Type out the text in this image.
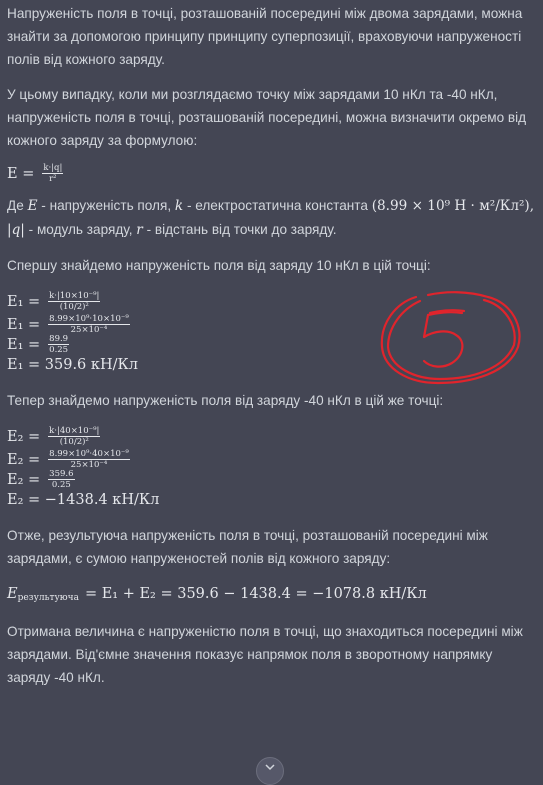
Напруженість поля в точці, розташованій посередині між двома зарядами, можна знайти за допомогою принципу принципу суперпозиції, враховуючи напруженості полів від кожного заряду.

У цьому випадку, коли ми розглядаємо точку між зарядами 10 нКл та -40 нКл, напруженість поля в точці, розташованій посередині, можна визначити окремо від кожного заряду за формулою:

$E = \frac{k\cdot|q|}{\text{r²}}$

Де E - напруженість поля, k - електростатична константа (8.99 × 10⁹ Н · м²/Кл²), |q| - модуль заряду, r - відстань від точки до заряду.

Спершу знайдемо напруженість поля від заряду 10 нКл в цій точці:

$E_1 = \frac{\text{k·|10×10⁻⁹|}}{\text{(10/2)²}}$
$E_1 = \frac{\text{8.99×10⁹·10×10⁻⁹}}{\text{25×10⁻⁴}}$
$E_1 = \frac{89.9}{0.25}$
E₁ = 359.6 кН/Кл

Тепер знайдемо напруженість поля від заряду -40 нКл в цій же точці:

$E_2 = \frac{\text{k·|40×10⁻⁹|}}{\text{(10/2)²}}$
$E_2 = \frac{\text{8.99×10⁹·40×10⁻⁹}}{\text{25×10⁻⁴}}$
$E_2 = \frac{359.6}{0.25}$
E₂ = −1438.4 кН/Кл

Отже, результуюча напруженість поля в точці, розташованій посередині між зарядами, є сумою напруженостей полів від кожного заряду:

$E_{результуюча} = E_1 + E_2 = 359.6 - 1438.4 = -1078.8$ кН/Кл

Отримана величина є напруженістю поля в точці, що знаходиться посередині між зарядами. Від'ємне значення показує напрямок поля в зворотному напрямку заряду -40 нКл.
